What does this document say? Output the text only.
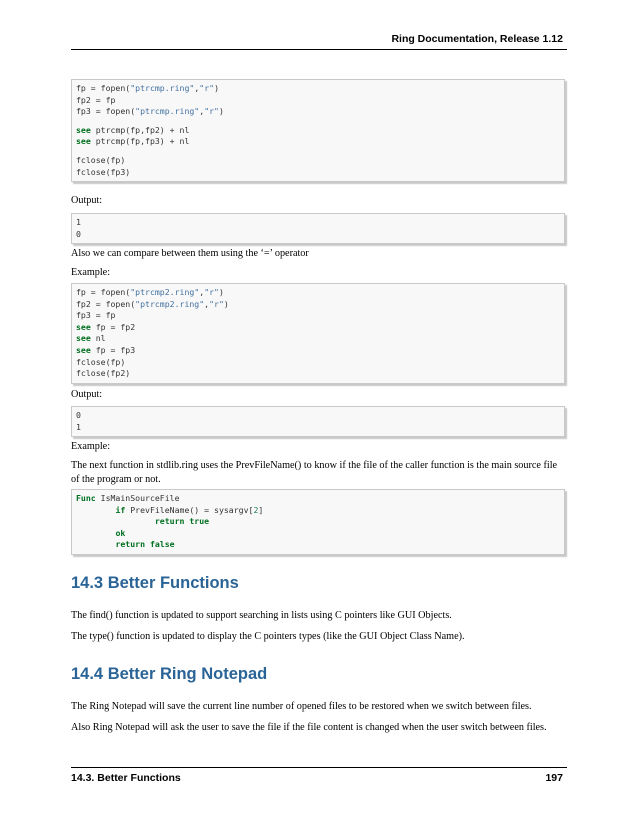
Ring Documentation, Release 1.12
fp = fopen("ptrcmp.ring","r")
fp2 = fp
fp3 = fopen("ptrcmp.ring","r")
see ptrcmp(fp,fp2) + nl
see ptrcmp(fp,fp3) + nl
fclose(fp)
fclose(fp3)
Output:
1
0
Also we can compare between them using the ‘=’ operator
Example:
fp = fopen("ptrcmp2.ring","r")
fp2 = fopen("ptrcmp2.ring","r")
fp3 = fp
see fp = fp2
see nl
see fp = fp3
fclose(fp)
fclose(fp2)
Output:
0
1
Example:
The next function in stdlib.ring uses the PrevFileName() to know if the file of the caller function is the main source file of the program or not.
Func IsMainSourceFile
if PrevFileName() = sysargv[2]
return true
ok
return false
14.3 Better Functions
The find() function is updated to support searching in lists using C pointers like GUI Objects.
The type() function is updated to display the C pointers types (like the GUI Object Class Name).
14.4 Better Ring Notepad
The Ring Notepad will save the current line number of opened files to be restored when we switch between files.
Also Ring Notepad will ask the user to save the file if the file content is changed when the user switch between files.
14.3. Better Functions	197
